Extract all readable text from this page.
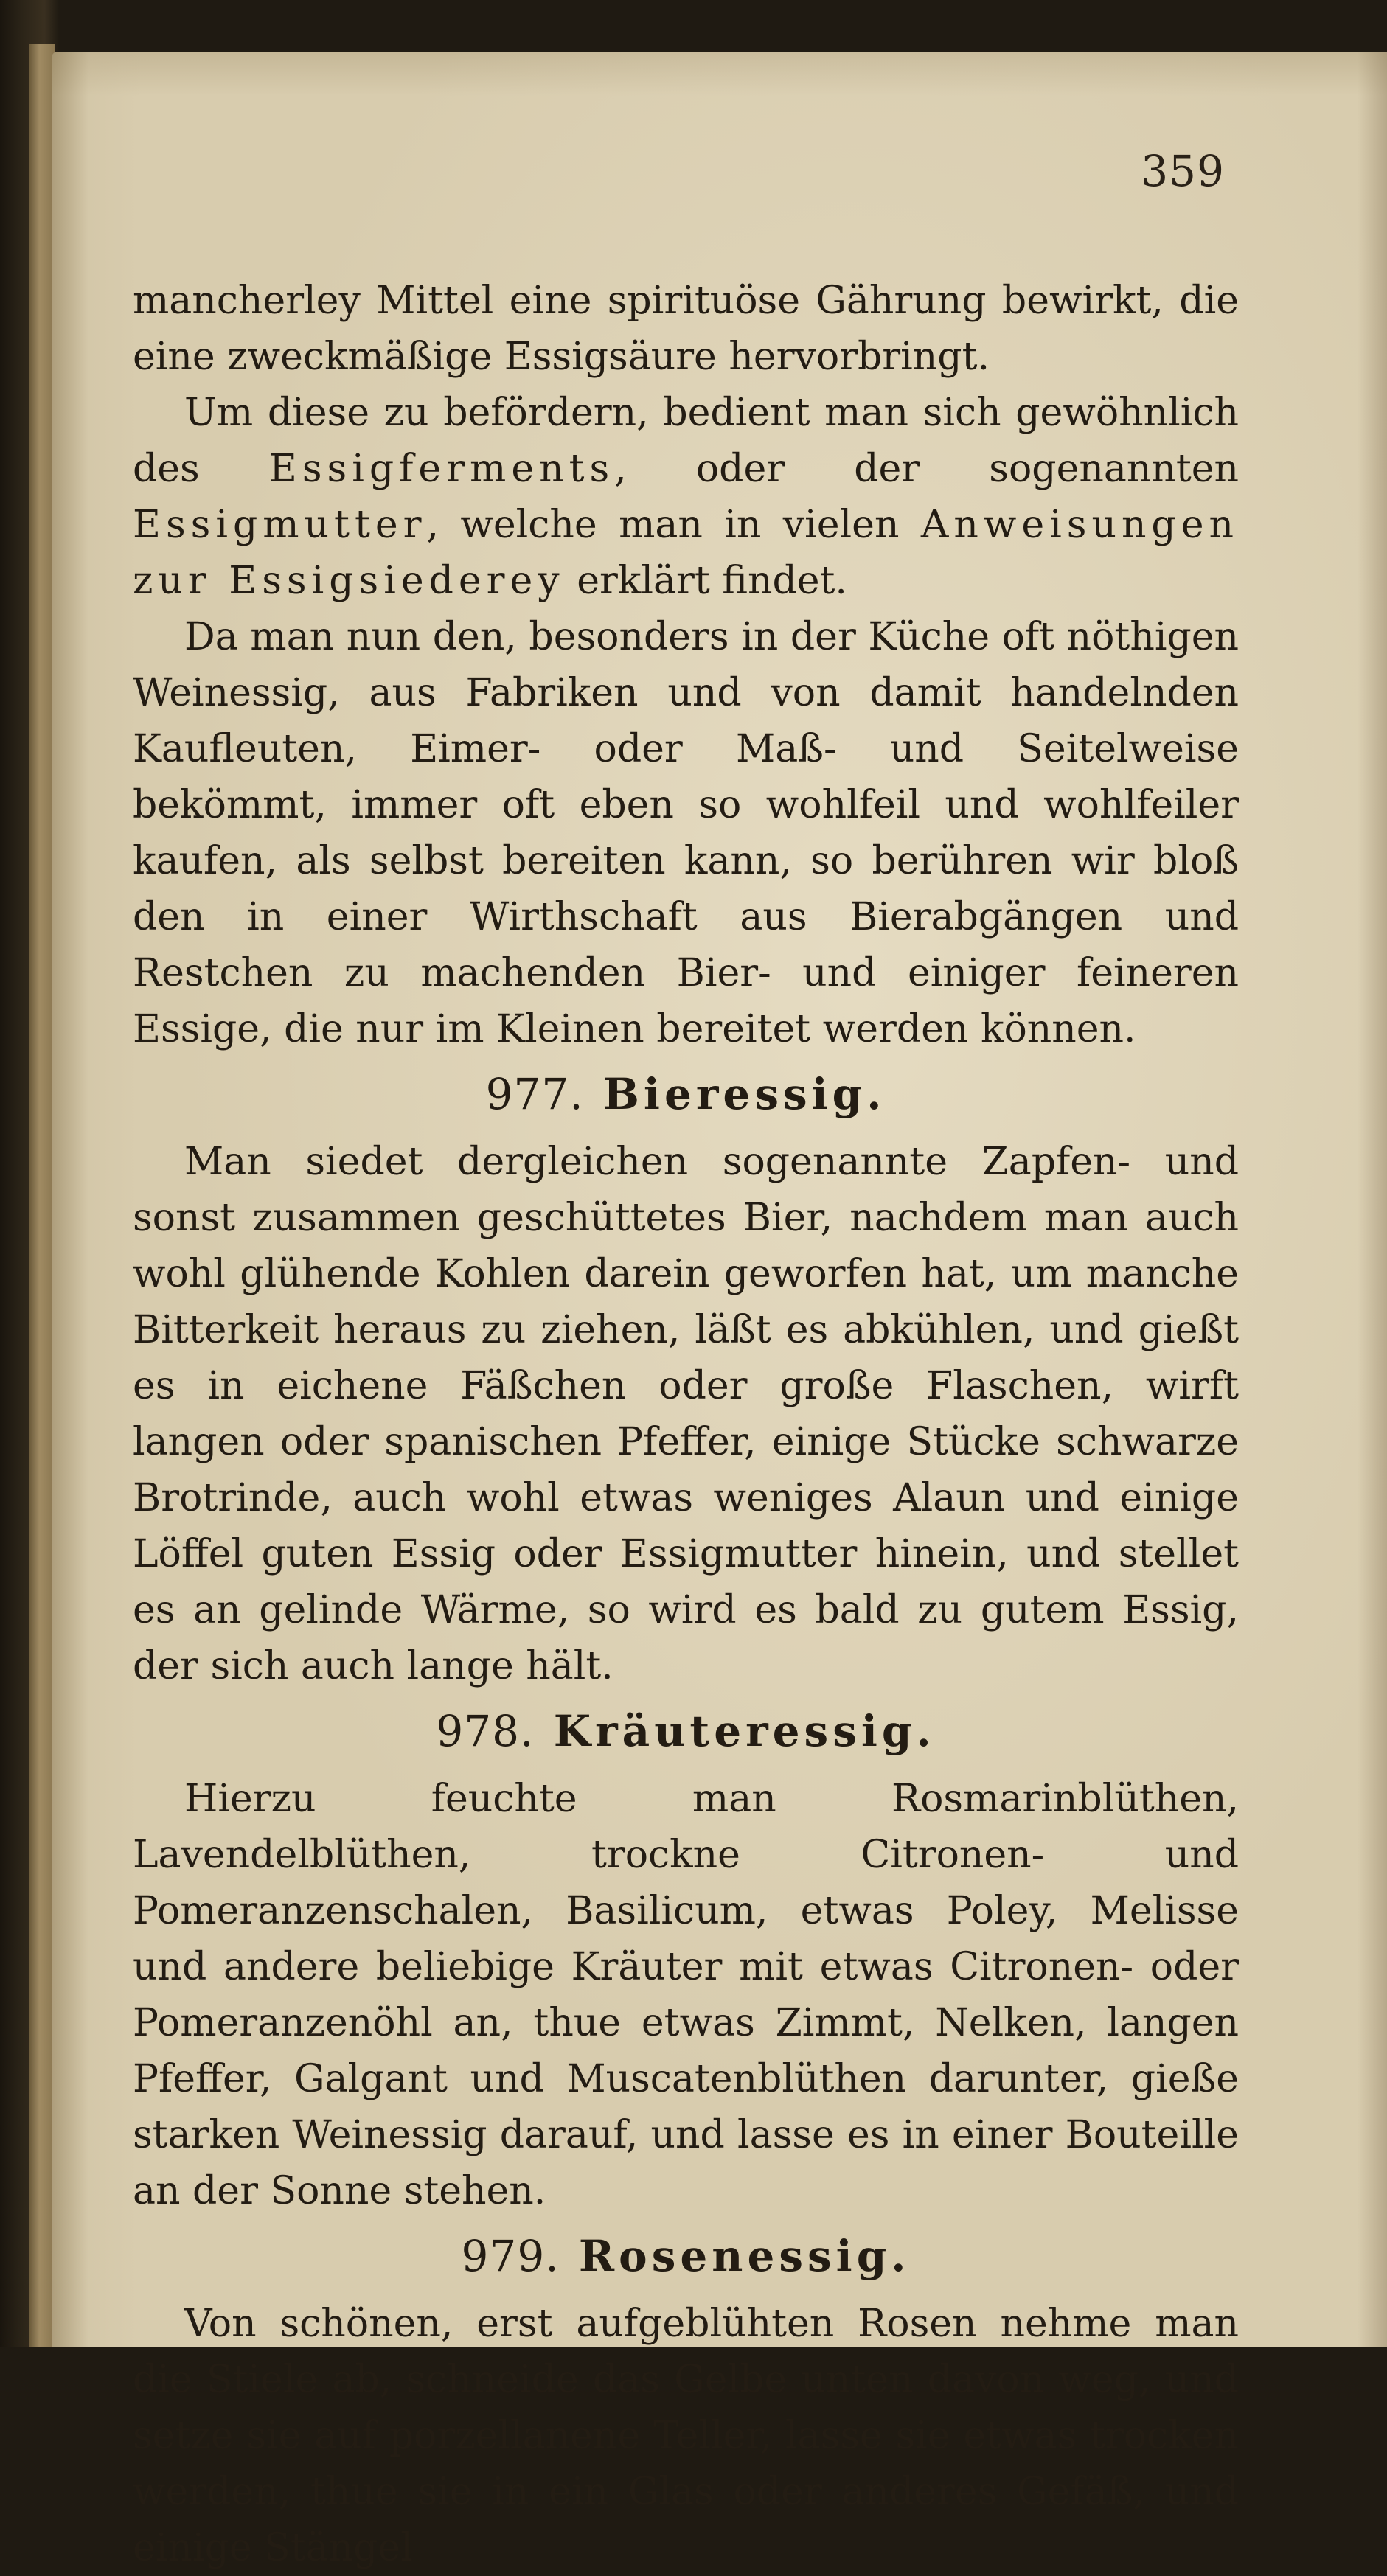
359

mancherley Mittel eine spirituöse Gährung bewirkt, die eine zweckmäßige Essigsäure hervorbringt.

Um diese zu befördern, bedient man sich gewöhnlich des Essigferments, oder der sogenannten Essigmutter, welche man in vielen Anweisungen zur Essigsiederey erklärt findet.

Da man nun den, besonders in der Küche oft nöthigen Weinessig, aus Fabriken und von damit handelnden Kaufleuten, Eimer- oder Maß- und Seitelweise bekömmt, immer oft eben so wohlfeil und wohlfeiler kaufen, als selbst bereiten kann, so berühren wir bloß den in einer Wirthschaft aus Bierabgängen und Restchen zu machenden Bier- und einiger feineren Essige, die nur im Kleinen bereitet werden können.

977. Bieressig.

Man siedet dergleichen sogenannte Zapfen- und sonst zusammen geschüttetes Bier, nachdem man auch wohl glühende Kohlen darein geworfen hat, um manche Bitterkeit heraus zu ziehen, läßt es abkühlen, und gießt es in eichene Fäßchen oder große Flaschen, wirft langen oder spanischen Pfeffer, einige Stücke schwarze Brotrinde, auch wohl etwas weniges Alaun und einige Löffel guten Essig oder Essigmutter hinein, und stellet es an gelinde Wärme, so wird es bald zu gutem Essig, der sich auch lange hält.

978. Kräuteressig.

Hierzu feuchte man Rosmarinblüthen, Lavendelblüthen, trockne Citronen- und Pomeranzenschalen, Basilicum, etwas Poley, Melisse und andere beliebige Kräuter mit etwas Citronen- oder Pomeranzenöhl an, thue etwas Zimmt, Nelken, langen Pfeffer, Galgant und Muscatenblüthen darunter, gieße starken Weinessig darauf, und lasse es in einer Bouteille an der Sonne stehen.

979. Rosenessig.

Von schönen, erst aufgeblühten Rosen nehme man die Stiele ab, schneide das Gelbe unten davon weg, und setze sie auf porzellanene Teller, lasse sie etwas trocken werden, thue sie in ein Glas oder anderes Gefäß, und einige Stängel
